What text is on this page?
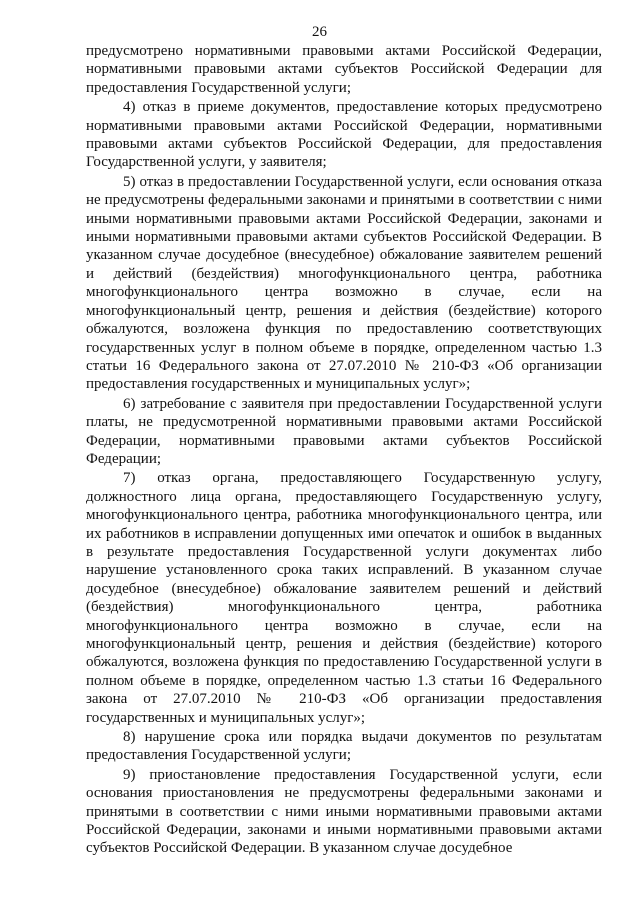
26

предусмотрено нормативными правовыми актами Российской Федерации, нормативными правовыми актами субъектов Российской Федерации для предоставления Государственной услуги;

4) отказ в приеме документов, предоставление которых предусмотрено нормативными правовыми актами Российской Федерации, нормативными правовыми актами субъектов Российской Федерации, для предоставления Государственной услуги, у заявителя;

5) отказ в предоставлении Государственной услуги, если основания отказа не предусмотрены федеральными законами и принятыми в соответствии с ними иными нормативными правовыми актами Российской Федерации, законами и иными нормативными правовыми актами субъектов Российской Федерации. В указанном случае досудебное (внесудебное) обжалование заявителем решений и действий (бездействия) многофункционального центра, работника многофункционального центра возможно в случае, если на многофункциональный центр, решения и действия (бездействие) которого обжалуются, возложена функция по предоставлению соответствующих государственных услуг в полном объеме в порядке, определенном частью 1.3 статьи 16 Федерального закона от 27.07.2010 № 210-ФЗ «Об организации предоставления государственных и муниципальных услуг»;

6) затребование с заявителя при предоставлении Государственной услуги платы, не предусмотренной нормативными правовыми актами Российской Федерации, нормативными правовыми актами субъектов Российской Федерации;

7) отказ органа, предоставляющего Государственную услугу, должностного лица органа, предоставляющего Государственную услугу, многофункционального центра, работника многофункционального центра, или их работников в исправлении допущенных ими опечаток и ошибок в выданных в результате предоставления Государственной услуги документах либо нарушение установленного срока таких исправлений. В указанном случае досудебное (внесудебное) обжалование заявителем решений и действий (бездействия) многофункционального центра, работника многофункционального центра возможно в случае, если на многофункциональный центр, решения и действия (бездействие) которого обжалуются, возложена функция по предоставлению Государственной услуги в полном объеме в порядке, определенном частью 1.3 статьи 16 Федерального закона от 27.07.2010 № 210-ФЗ «Об организации предоставления государственных и муниципальных услуг»;

8) нарушение срока или порядка выдачи документов по результатам предоставления Государственной услуги;

9) приостановление предоставления Государственной услуги, если основания приостановления не предусмотрены федеральными законами и принятыми в соответствии с ними иными нормативными правовыми актами Российской Федерации, законами и иными нормативными правовыми актами субъектов Российской Федерации. В указанном случае досудебное
